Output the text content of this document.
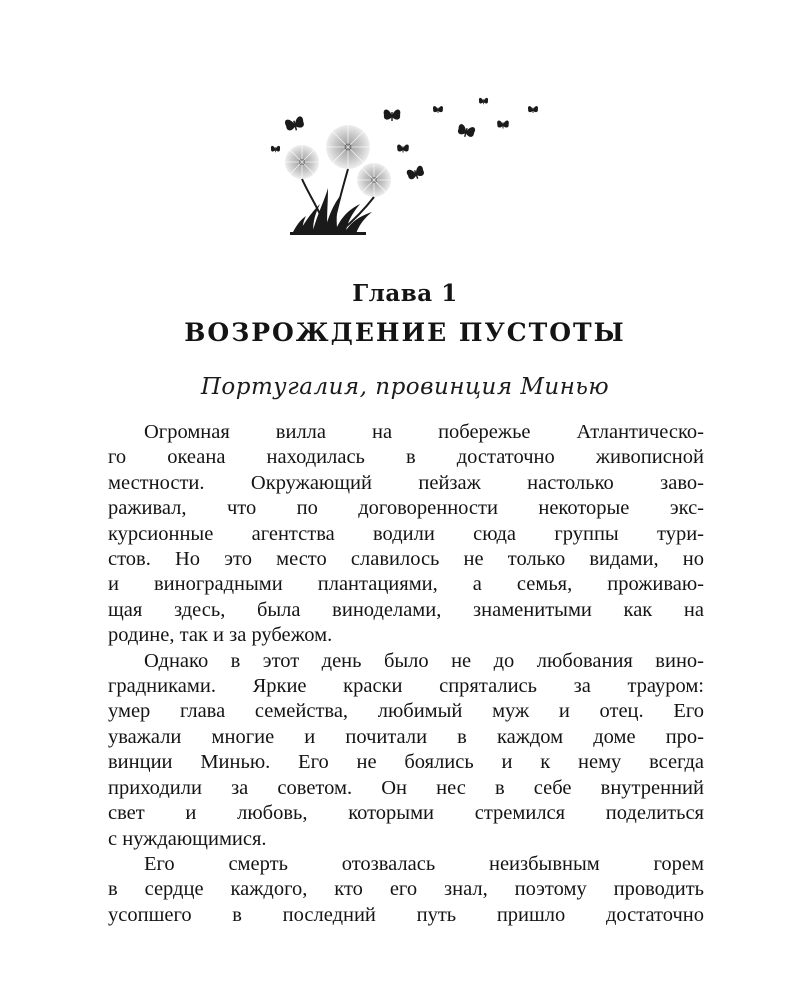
Глава 1
ВОЗРОЖДЕНИЕ ПУСТОТЫ
Португалия, провинция Минью

Огромная вилла на побережье Атлантическо-
го океана находилась в достаточно живописной
местности. Окружающий пейзаж настолько заво-
раживал, что по договоренности некоторые экс-
курсионные агентства водили сюда группы тури-
стов. Но это место славилось не только видами, но
и виноградными плантациями, а семья, проживаю-
щая здесь, была виноделами, знаменитыми как на
родине, так и за рубежом.

Однако в этот день было не до любования вино-
градниками. Яркие краски спрятались за трауром:
умер глава семейства, любимый муж и отец. Его
уважали многие и почитали в каждом доме про-
винции Минью. Его не боялись и к нему всегда
приходили за советом. Он нес в себе внутренний
свет и любовь, которыми стремился поделиться
с нуждающимися.

Его смерть отозвалась неизбывным горем
в сердце каждого, кто его знал, поэтому проводить
усопшего в последний путь пришло достаточно
